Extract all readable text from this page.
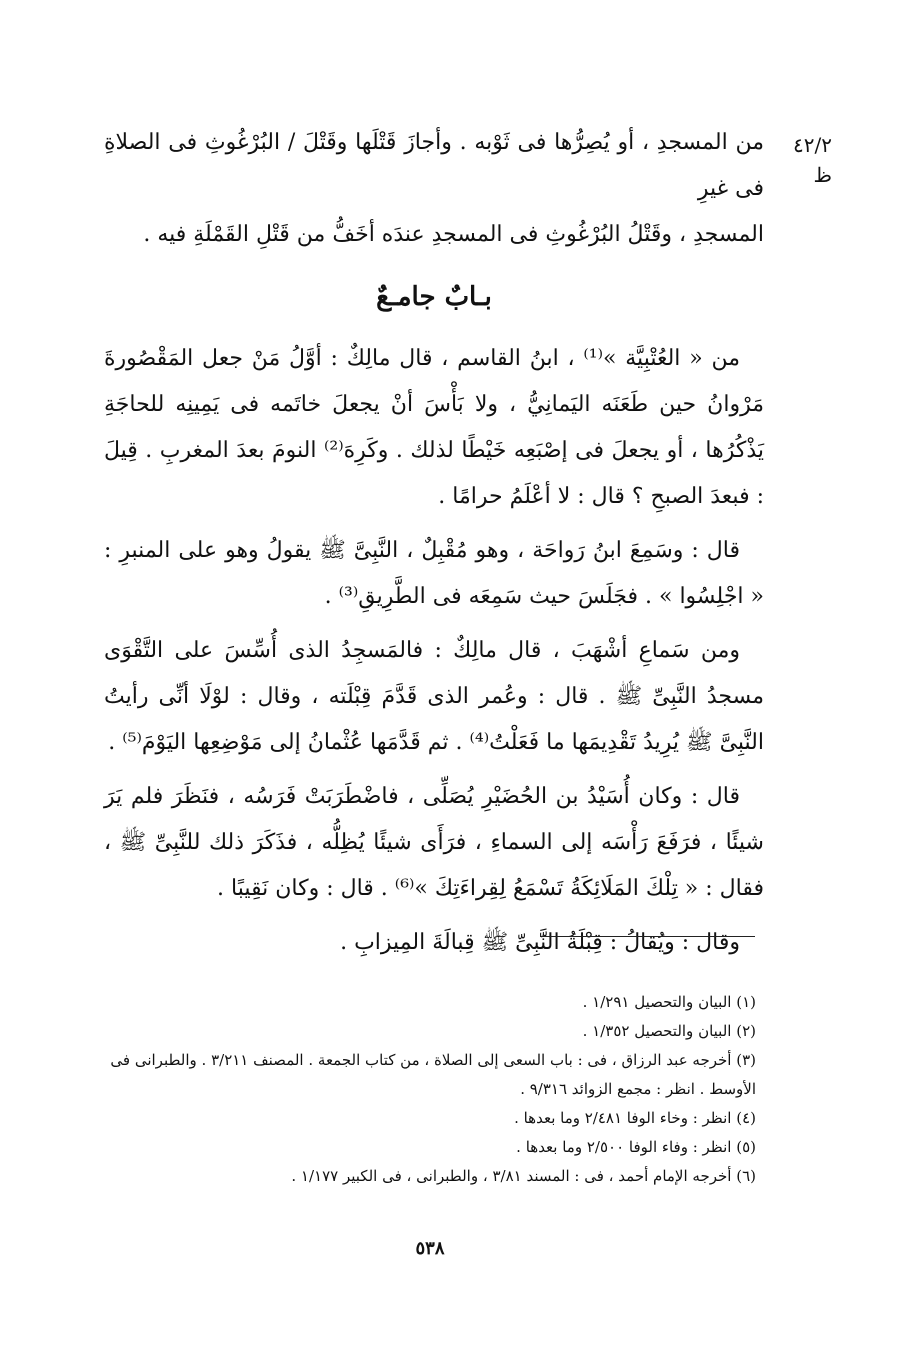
٤٢/٢ ظ

من المسجدِ ، أو يُصِرُّها فى ثَوْبه . وأجازَ قَتْلَها وقَتْلَ / البُرْغُوثِ فى الصلاةِ فى غيرِ

المسجدِ ، وقَتْلُ البُرْغُوثِ فى المسجدِ عندَه أخَفُّ من قَتْلِ القَمْلَةِ فيه .

بـابٌ جامـعٌ

من « العُتْبِيَّة »⁽¹⁾ ، ابنُ القاسم ، قال مالِكٌ : أوَّلُ مَنْ جعل المَقْصُورةَ مَرْوانُ حين طَعَنَه اليَمانِيُّ ، ولا بَأْسَ أنْ يجعلَ خاتَمه فى يَمِينِه للحاجَةِ يَذْكُرُها ، أو يجعلَ فى إصْبَعِه خَيْطًا لذلك . وكَرِهَ⁽²⁾ النومَ بعدَ المغربِ . قِيلَ : فبعدَ الصبحِ ؟ قال : لا أعْلَمُ حرامًا .

قال : وسَمِعَ ابنُ رَواحَة ، وهو مُقْبِلٌ ، النَّبِىَّ ﷺ يقولُ وهو على المنبرِ : « اجْلِسُوا » . فجَلَسَ حيث سَمِعَه فى الطَّرِيقِ⁽³⁾ .

ومن سَماعِ أشْهَبَ ، قال مالِكٌ : فالمَسجِدُ الذى أُسِّسَ على التَّقْوَى مسجدُ النَّبِىِّ ﷺ . قال : وعُمر الذى قَدَّمَ قِبْلَته ، وقال : لوْلَا أنِّى رأيتُ النَّبِىَّ ﷺ يُرِيدُ تَقْدِيمَها ما فَعَلْتُ⁽⁴⁾ . ثم قَدَّمَها عُثْمانُ إلى مَوْضِعِها اليَوْمَ⁽⁵⁾ .

قال : وكان أُسَيْدُ بن الحُضَيْرِ يُصَلِّى ، فاضْطَرَبَتْ فَرَسُه ، فنَظَرَ فلم يَرَ شيئًا ، فرَفَعَ رَأْسَه إلى السماءِ ، فرَأَى شيئًا يُظِلُّه ، فذَكَرَ ذلك للنَّبِىِّ ﷺ ، فقال : « تِلْكَ المَلَائِكَةُ تَسْمَعُ لِقِراءَتِكَ »⁽⁶⁾ . قال : وكان نَقِيبًا .

وقال : ويُقالُ : قِبْلَةُ النَّبِىِّ ﷺ قِبالَةَ المِيزابِ .

(١) البيان والتحصيل ١/٢٩١ .

(٢) البيان والتحصيل ١/٣٥٢ .

(٣) أخرجه عبد الرزاق ، فى : باب السعى إلى الصلاة ، من كتاب الجمعة . المصنف ٣/٢١١ . والطبرانى فى الأوسط . انظر : مجمع الزوائد ٩/٣١٦ .

(٤) انظر : وخاء الوفا ٢/٤٨١ وما بعدها .

(٥) انظر : وفاء الوفا ٢/٥٠٠ وما بعدها .

(٦) أخرجه الإمام أحمد ، فى : المسند ٣/٨١ ، والطبرانى ، فى الكبير ١/١٧٧ .

٥٣٨
